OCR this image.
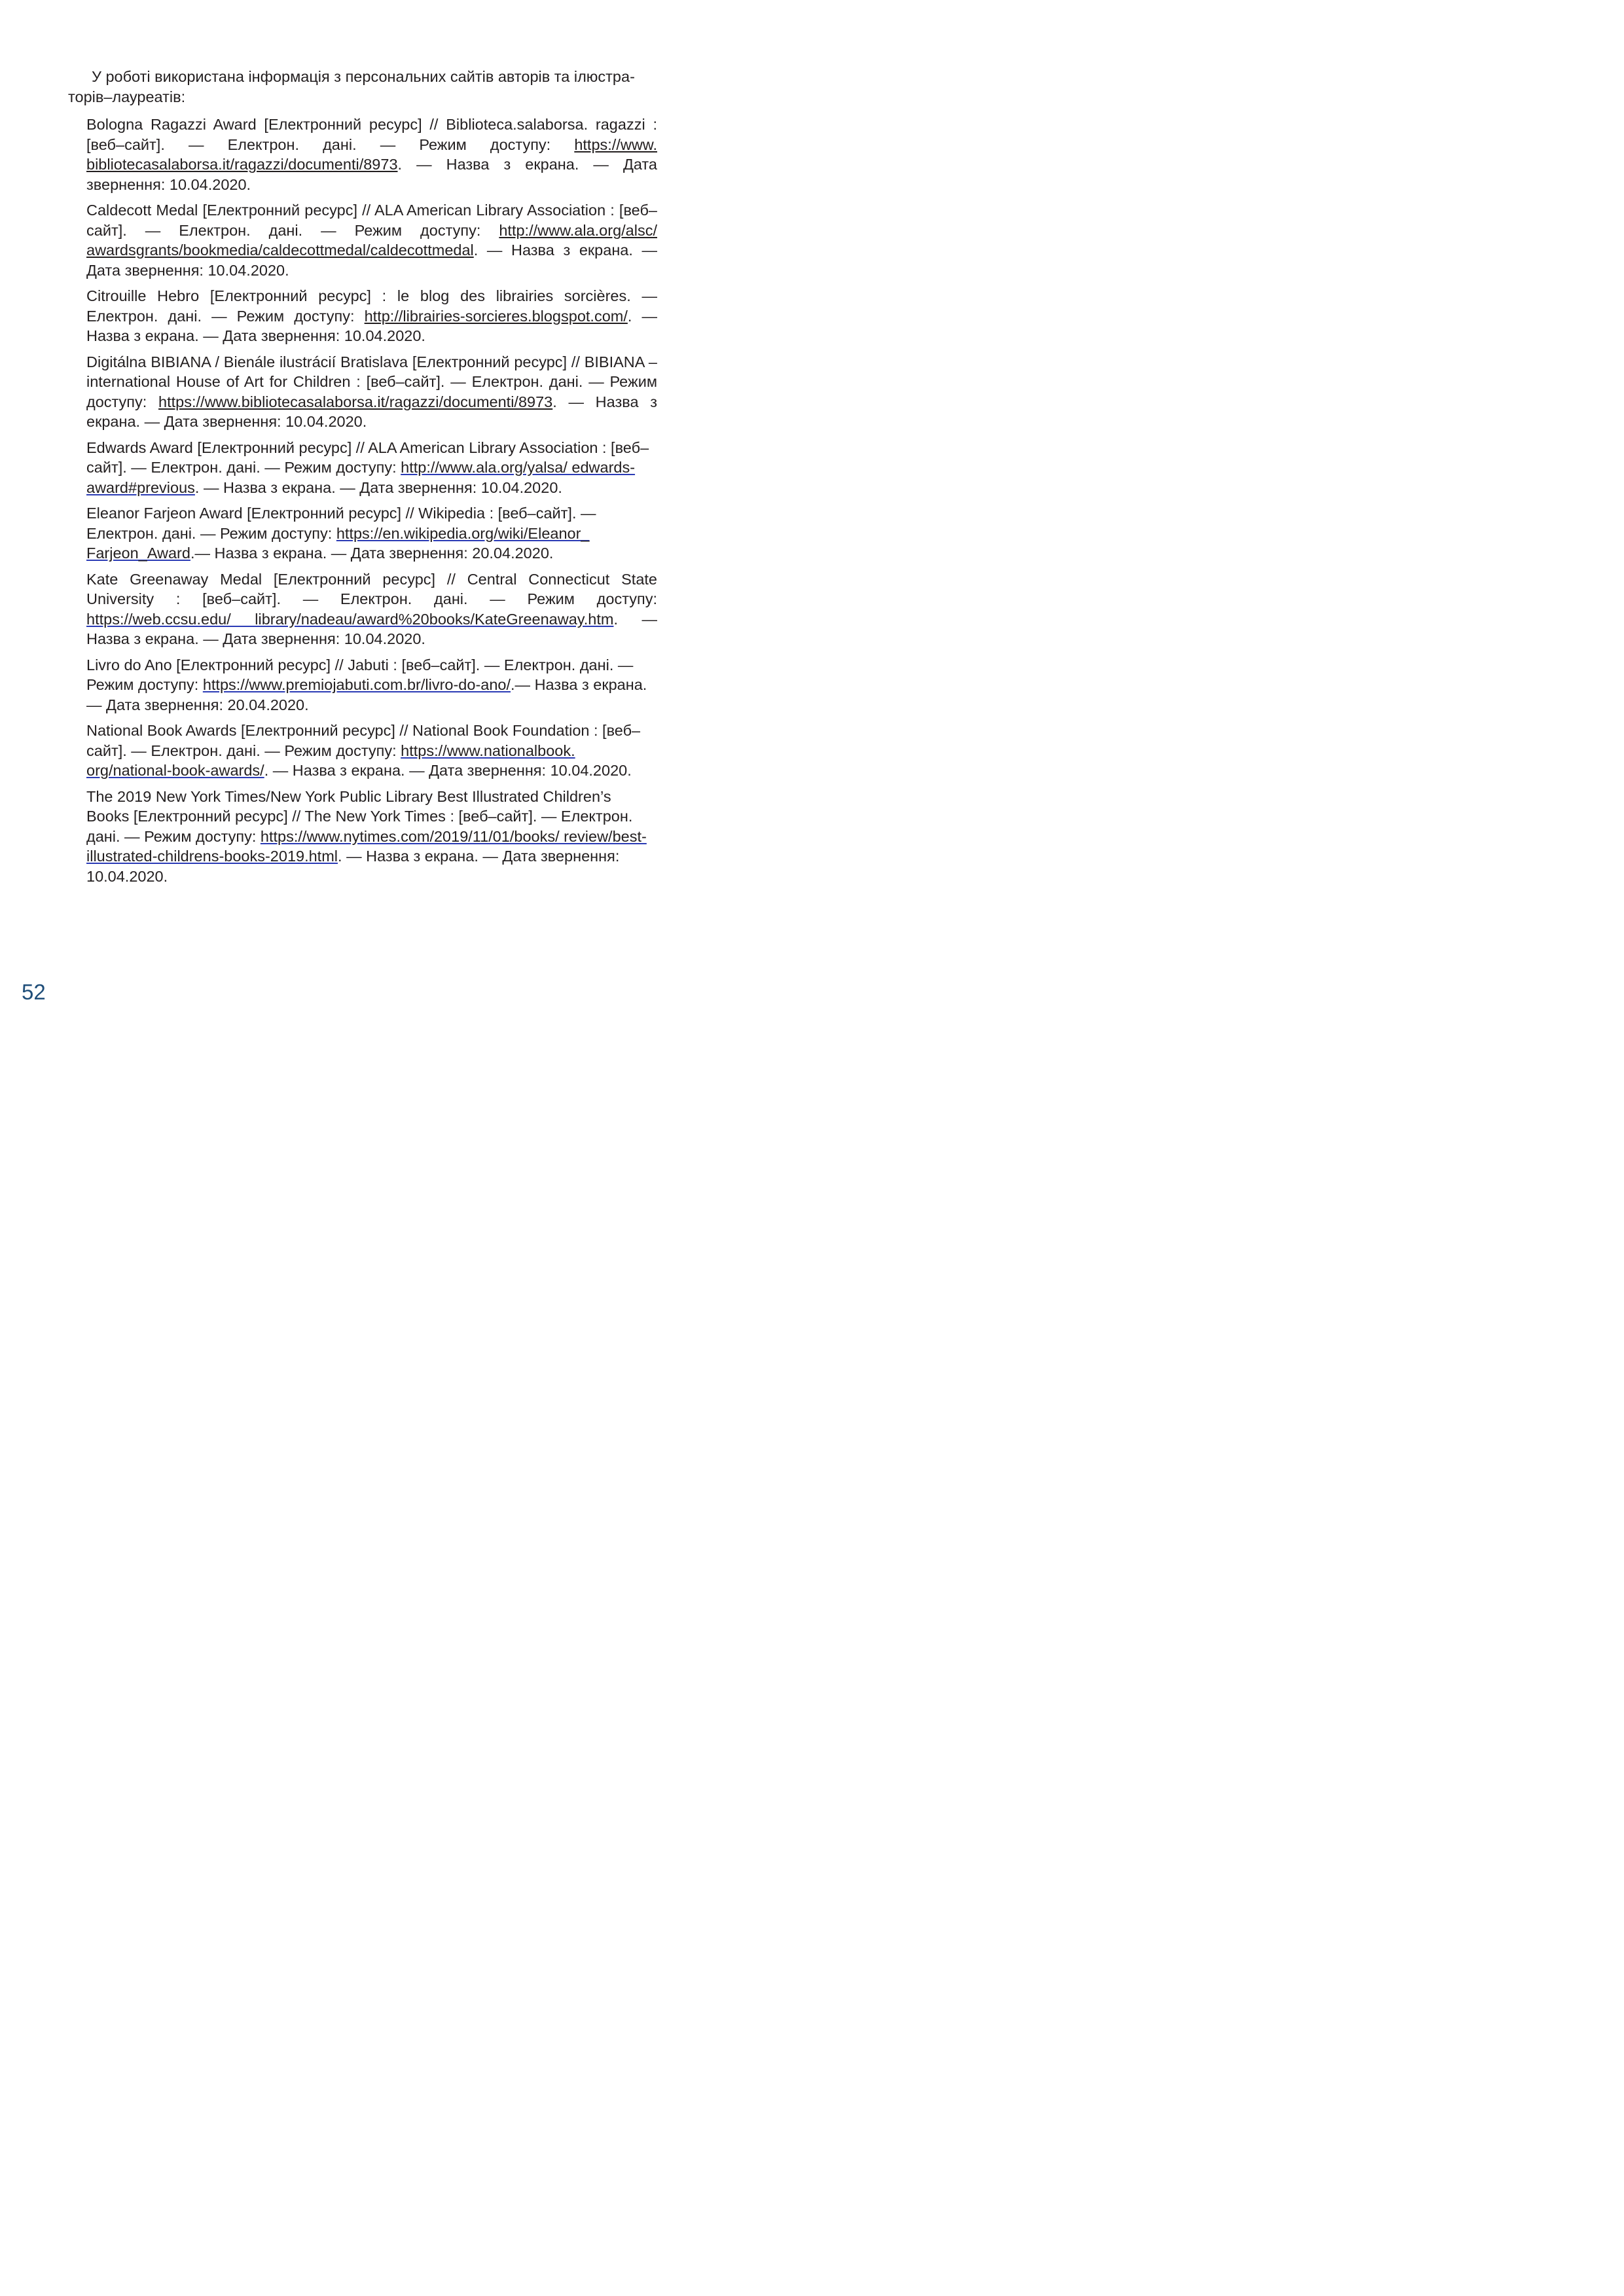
У роботі використана інформація з персональних сайтів авторів та ілюстра-торів–лауреатів:

Bologna Ragazzi Award [Електронний ресурс] // Biblioteca.salaborsa. ragazzi : [веб–сайт]. — Електрон. дані. — Режим доступу: https://www. bibliotecasalaborsa.it/ragazzi/documenti/8973. — Назва з екрана. — Дата звернення: 10.04.2020.
Caldecott Medal [Електронний ресурс] // ALA American Library Association : [веб–сайт]. — Електрон. дані. — Режим доступу: http://www.ala.org/alsc/ awardsgrants/bookmedia/caldecottmedal/caldecottmedal. — Назва з екрана. — Дата звернення: 10.04.2020.
Citrouille Hebro [Електронний ресурс] : le blog des librairies sorcières. — Електрон. дані. — Режим доступу: http://librairies-sorcieres.blogspot.com/. — Назва з екрана. — Дата звернення: 10.04.2020.
Digitálna BIBIANA / Bienále ilustrácií Bratislava [Електронний ресурс] // BIBIANA – international House of Art for Children : [веб–сайт]. — Електрон. дані. — Режим доступу: https://www.bibliotecasalaborsa.it/ragazzi/documenti/8973. — Назва з екрана. — Дата звернення: 10.04.2020.
Edwards Award [Електронний ресурс] // ALA American Library Association : [веб–сайт]. — Електрон. дані. — Режим доступу: http://www.ala.org/yalsa/ edwards-award#previous. — Назва з екрана. — Дата звернення: 10.04.2020.
Eleanor Farjeon Award [Електронний ресурс] // Wikipedia : [веб–сайт]. — Електрон. дані. — Режим доступу: https://en.wikipedia.org/wiki/Eleanor_ Farjeon_Award.— Назва з екрана. — Дата звернення: 20.04.2020.
Kate Greenaway Medal [Електронний ресурс] // Central Connecticut State University : [веб–сайт]. — Електрон. дані. — Режим доступу: https://web.ccsu.edu/ library/nadeau/award%20books/KateGreenaway.htm. — Назва з екрана. — Дата звернення: 10.04.2020.
Livro do Ano [Електронний ресурс] // Jabuti : [веб–сайт]. — Електрон. дані. — Режим доступу: https://www.premiojabuti.com.br/livro-do-ano/.— Назва з екрана. — Дата звернення: 20.04.2020.
National Book Awards [Електронний ресурс] // National Book Foundation : [веб–сайт]. — Електрон. дані. — Режим доступу: https://www.nationalbook. org/national-book-awards/. — Назва з екрана. — Дата звернення: 10.04.2020.
The 2019 New York Times/New York Public Library Best Illustrated Children’s Books [Електронний ресурс] // The New York Times : [веб–сайт]. — Електрон. дані. — Режим доступу: https://www.nytimes.com/2019/11/01/books/ review/best-illustrated-childrens-books-2019.html. — Назва з екрана. — Дата звернення: 10.04.2020.
52
